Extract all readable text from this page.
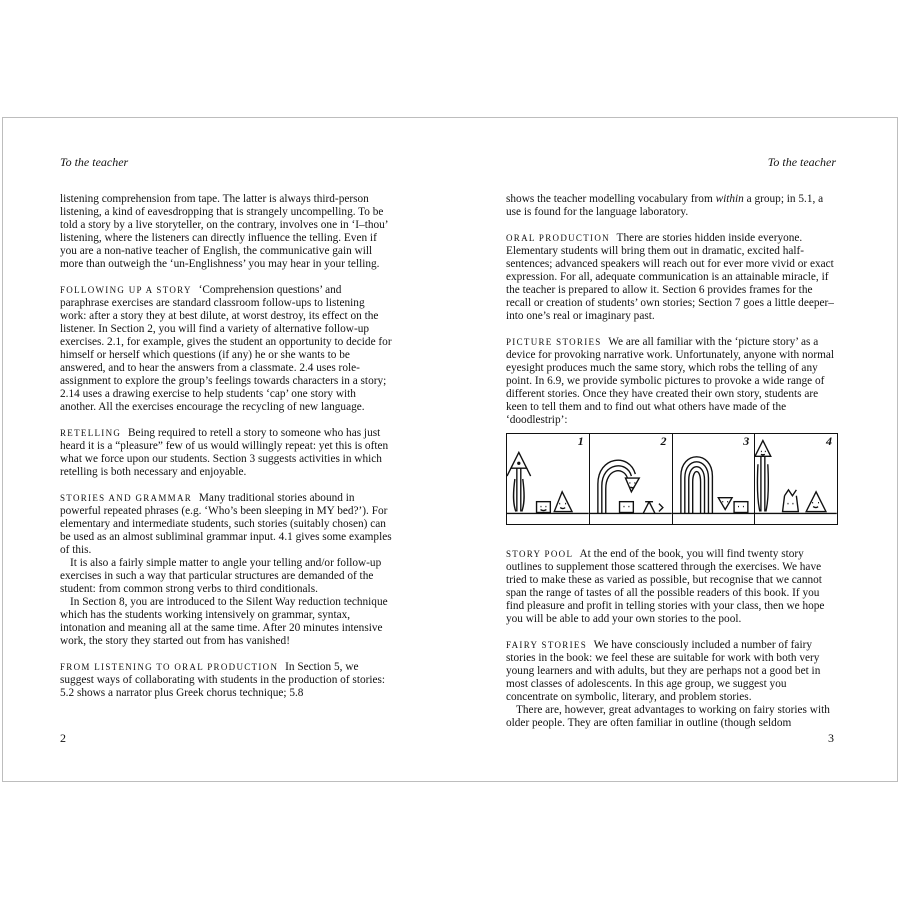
To the teacher	To the teacher

listening comprehension from tape. The latter is always third-person listening, a kind of eavesdropping that is strangely uncompelling. To be told a story by a live storyteller, on the contrary, involves one in ‘I–thou’ listening, where the listeners can directly influence the telling. Even if you are a non-native teacher of English, the communicative gain will more than outweigh the ‘un-Englishness’ you may hear in your telling.

FOLLOWING UP A STORY ‘Comprehension questions’ and paraphrase exercises are standard classroom follow-ups to listening work: after a story they at best dilute, at worst destroy, its effect on the listener. In Section 2, you will find a variety of alternative follow-up exercises. 2.1, for example, gives the student an opportunity to decide for himself or herself which questions (if any) he or she wants to be answered, and to hear the answers from a classmate. 2.4 uses role-assignment to explore the group’s feelings towards characters in a story; 2.14 uses a drawing exercise to help students ‘cap’ one story with another. All the exercises encourage the recycling of new language.

RETELLING Being required to retell a story to someone who has just heard it is a “pleasure” few of us would willingly repeat: yet this is often what we force upon our students. Section 3 suggests activities in which retelling is both necessary and enjoyable.

STORIES AND GRAMMAR Many traditional stories abound in powerful repeated phrases (e.g. ‘Who’s been sleeping in MY bed?’). For elementary and intermediate students, such stories (suitably chosen) can be used as an almost subliminal grammar input. 4.1 gives some examples of this.

It is also a fairly simple matter to angle your telling and/or follow-up exercises in such a way that particular structures are demanded of the student: from common strong verbs to third conditionals.

In Section 8, you are introduced to the Silent Way reduction technique which has the students working intensively on grammar, syntax, intonation and meaning all at the same time. After 20 minutes intensive work, the story they started out from has vanished!

FROM LISTENING TO ORAL PRODUCTION In Section 5, we suggest ways of collaborating with students in the production of stories: 5.2 shows a narrator plus Greek chorus technique; 5.8

2

shows the teacher modelling vocabulary from within a group; in 5.1, a use is found for the language laboratory.

ORAL PRODUCTION There are stories hidden inside everyone. Elementary students will bring them out in dramatic, excited half-sentences; advanced speakers will reach out for ever more vivid or exact expression. For all, adequate communication is an attainable miracle, if the teacher is prepared to allow it. Section 6 provides frames for the recall or creation of students’ own stories; Section 7 goes a little deeper–into one’s real or imaginary past.

PICTURE STORIES We are all familiar with the ‘picture story’ as a device for provoking narrative work. Unfortunately, anyone with normal eyesight produces much the same story, which robs the telling of any point. In 6.9, we provide symbolic pictures to provoke a wide range of different stories. Once they have created their own story, students are keen to tell them and to find out what others have made of the ‘doodlestrip’:

1	2	3	4

STORY POOL At the end of the book, you will find twenty story outlines to supplement those scattered through the exercises. We have tried to make these as varied as possible, but recognise that we cannot span the range of tastes of all the possible readers of this book. If you find pleasure and profit in telling stories with your class, then we hope you will be able to add your own stories to the pool.

FAIRY STORIES We have consciously included a number of fairy stories in the book: we feel these are suitable for work with both very young learners and with adults, but they are perhaps not a good bet in most classes of adolescents. In this age group, we suggest you concentrate on symbolic, literary, and problem stories.

There are, however, great advantages to working on fairy stories with older people. They are often familiar in outline (though seldom

3
